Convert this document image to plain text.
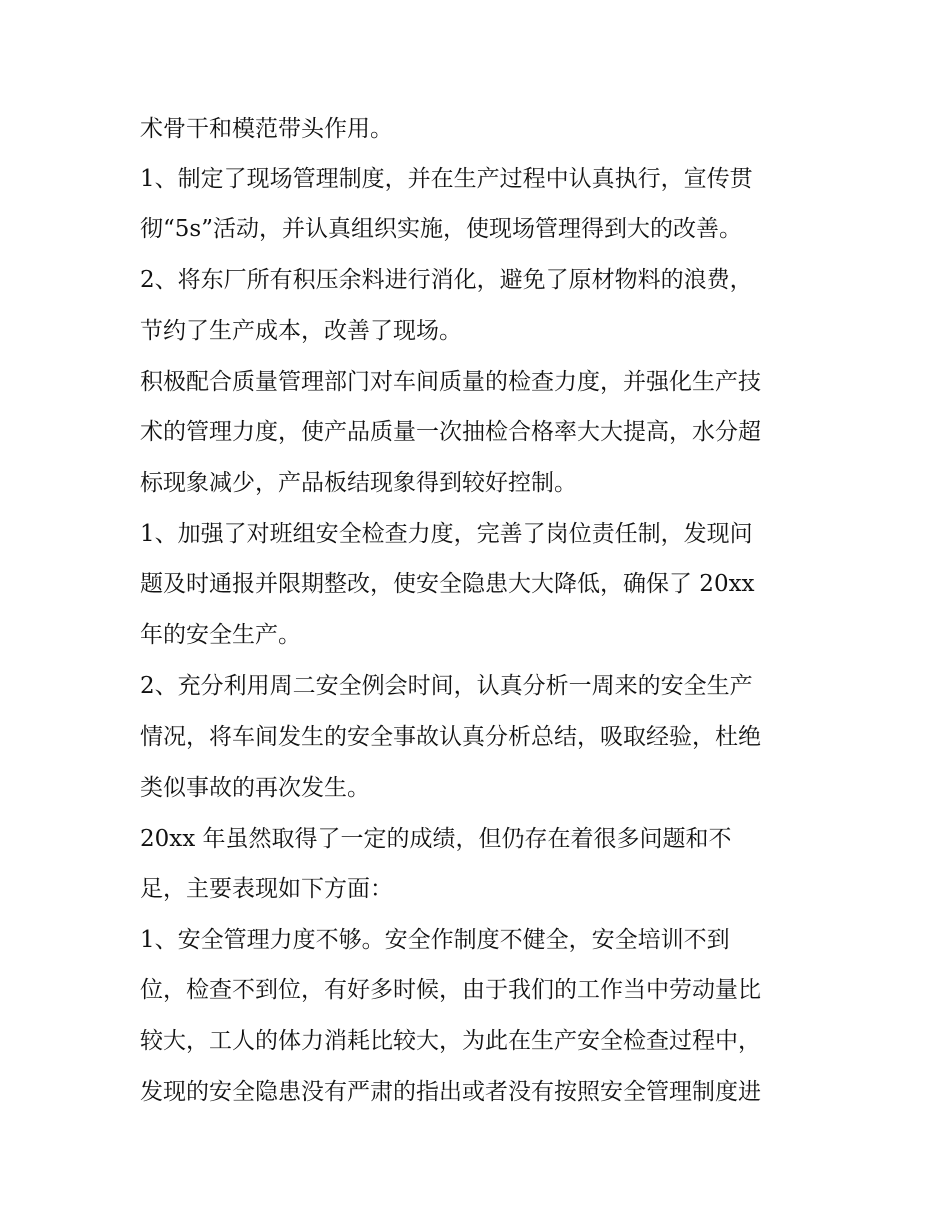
术骨干和模范带头作用。
1、制定了现场管理制度，并在生产过程中认真执行，宣传贯
彻“5s”活动，并认真组织实施，使现场管理得到大的改善。
2、将东厂所有积压余料进行消化，避免了原材物料的浪费，
节约了生产成本，改善了现场。
积极配合质量管理部门对车间质量的检查力度，并强化生产技
术的管理力度，使产品质量一次抽检合格率大大提高，水分超
标现象减少，产品板结现象得到较好控制。
1、加强了对班组安全检查力度，完善了岗位责任制，发现问
题及时通报并限期整改，使安全隐患大大降低，确保了 20xx
年的安全生产。
2、充分利用周二安全例会时间，认真分析一周来的安全生产
情况，将车间发生的安全事故认真分析总结，吸取经验，杜绝
类似事故的再次发生。
20xx 年虽然取得了一定的成绩，但仍存在着很多问题和不
足，主要表现如下方面：
1、安全管理力度不够。安全作制度不健全，安全培训不到
位，检查不到位，有好多时候，由于我们的工作当中劳动量比
较大，工人的体力消耗比较大，为此在生产安全检查过程中，
发现的安全隐患没有严肃的指出或者没有按照安全管理制度进
